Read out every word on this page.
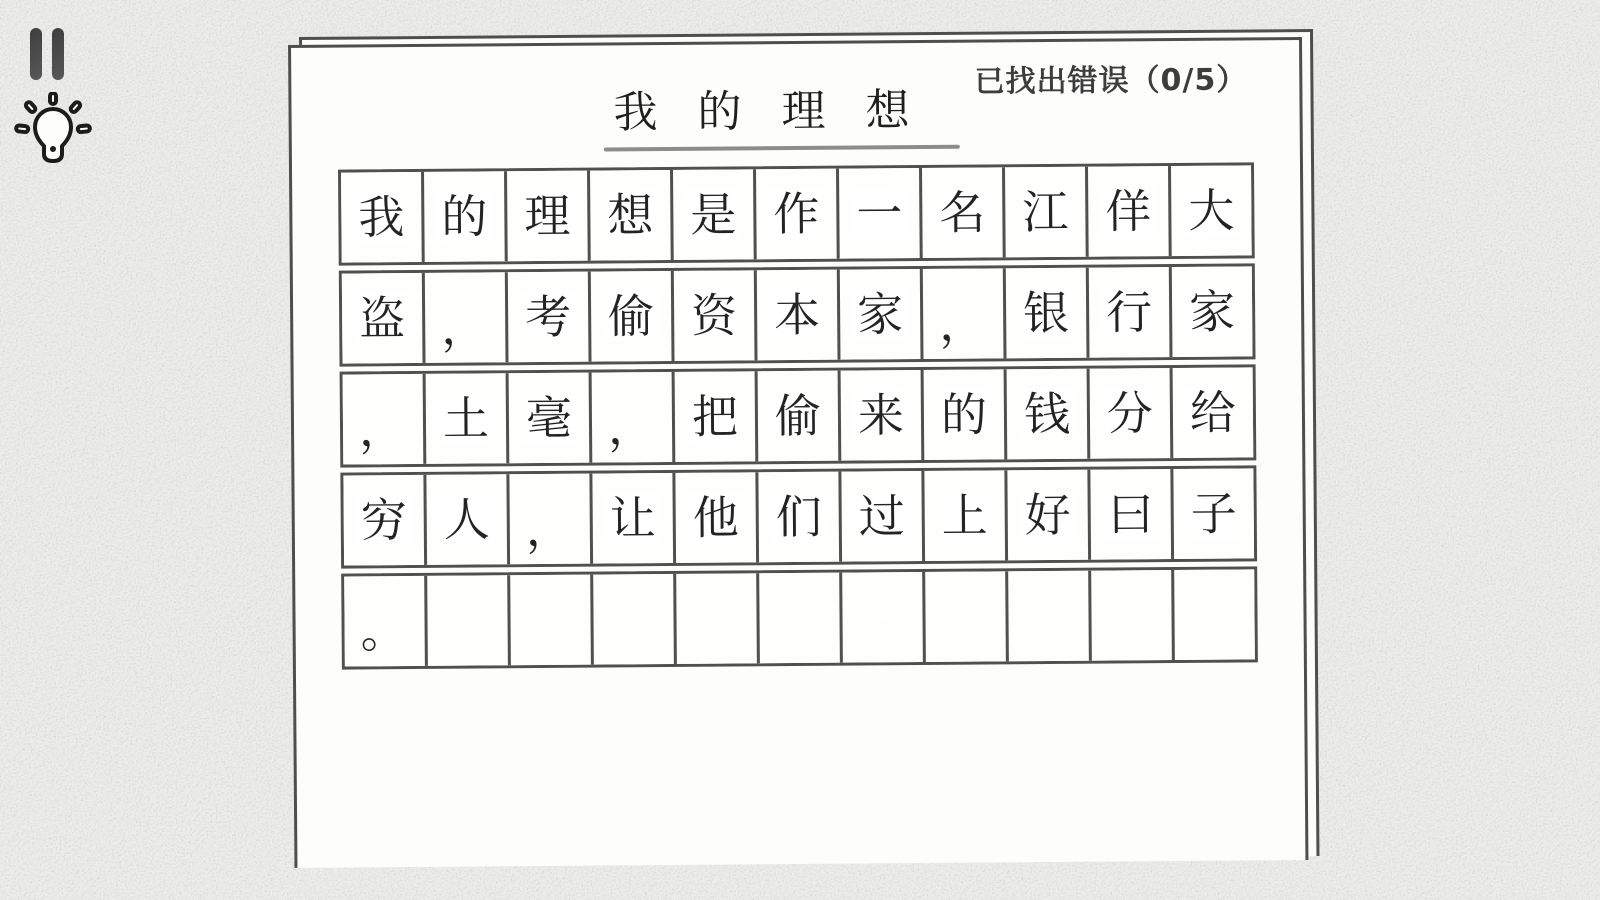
已找出错误（0/5）
我 的 理 想
我 的 理 想 是 作 一 名 江 佯 大
盗 ， 考 偷 资 本 家 ， 银 行 家
， 土 毫 ， 把 偷 来 的 钱 分 给
穷 人 ， 让 他 们 过 上 好 曰 子
。
